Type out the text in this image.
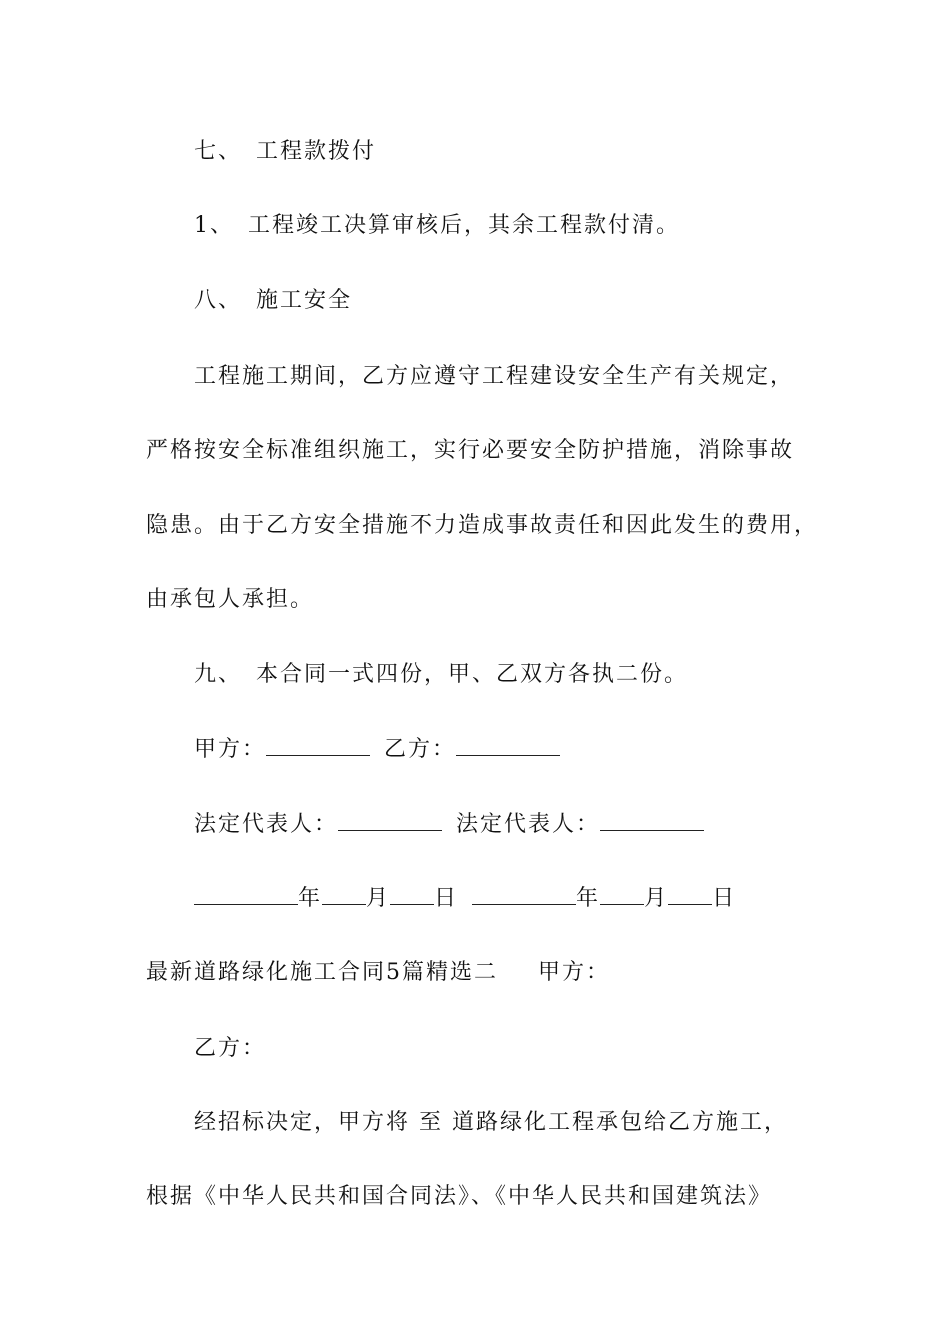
七、 工程款拨付
1、 工程竣工决算审核后，其余工程款付清。
八、 施工安全
工程施工期间，乙方应遵守工程建设安全生产有关规定，
严格按安全标准组织施工，实行必要安全防护措施，消除事故
隐患。由于乙方安全措施不力造成事故责任和因此发生的费用，
由承包人承担。
九、 本合同一式四份，甲、乙双方各执二份。
甲方：	乙方：
法定代表人：	法定代表人：
年 月 日	年 月 日
最新道路绿化施工合同5篇精选二 甲方：
乙方：
经招标决定，甲方将 至 道路绿化工程承包给乙方施工，
根据《中华人民共和国合同法》、《中华人民共和国建筑法》
